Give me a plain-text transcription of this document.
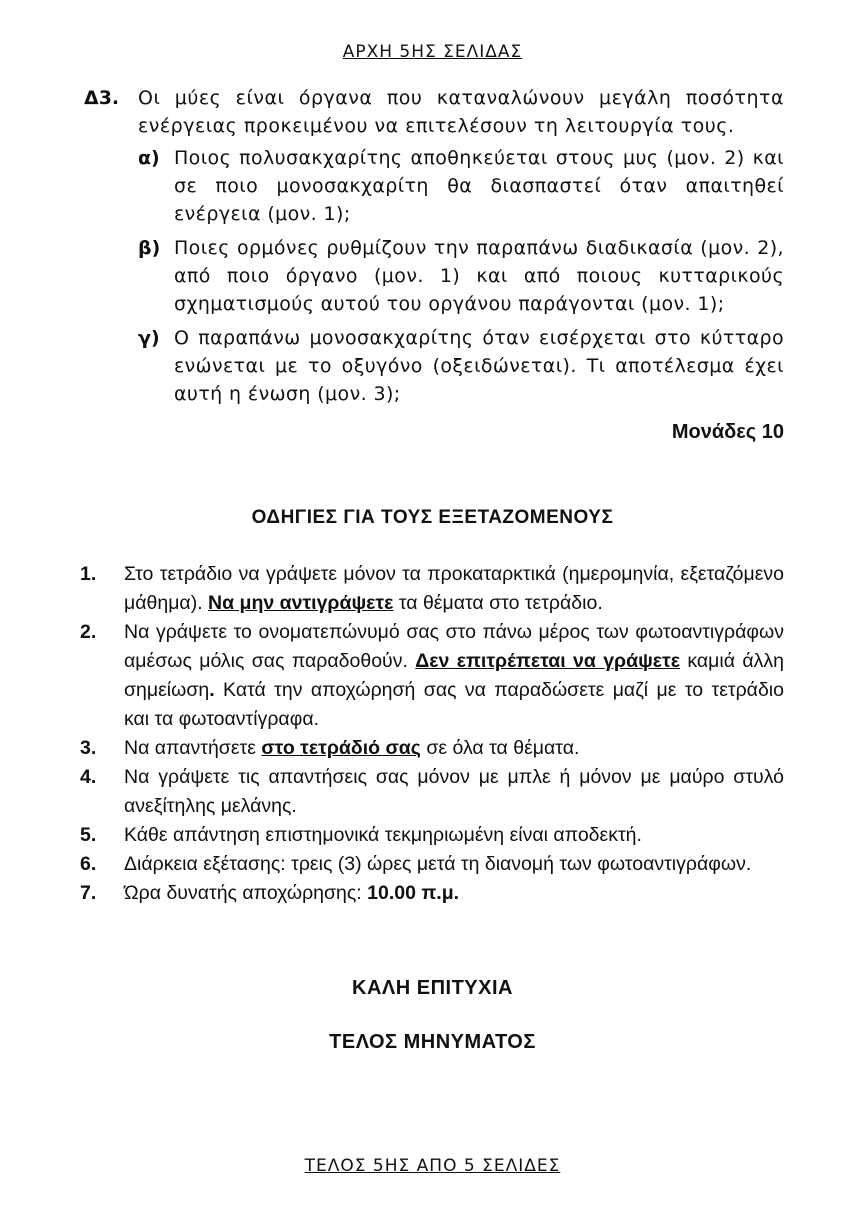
ΑΡΧΗ 5ΗΣ ΣΕΛΙΔΑΣ
Δ3. Οι μύες είναι όργανα που καταναλώνουν μεγάλη ποσότητα ενέργειας προκειμένου να επιτελέσουν τη λειτουργία τους.
α) Ποιος πολυσακχαρίτης αποθηκεύεται στους μυς (μον. 2) και σε ποιο μονοσακχαρίτη θα διασπαστεί όταν απαιτηθεί ενέργεια (μον. 1);
β) Ποιες ορμόνες ρυθμίζουν την παραπάνω διαδικασία (μον. 2), από ποιο όργανο (μον. 1) και από ποιους κυτταρικούς σχηματισμούς αυτού του οργάνου παράγονται (μον. 1);
γ) Ο παραπάνω μονοσακχαρίτης όταν εισέρχεται στο κύτταρο ενώνεται με το οξυγόνο (οξειδώνεται). Τι αποτέλεσμα έχει αυτή η ένωση (μον. 3);
Μονάδες 10
ΟΔΗΓΙΕΣ ΓΙΑ ΤΟΥΣ ΕΞΕΤΑΖΟΜΕΝΟΥΣ
1.	Στο τετράδιο να γράψετε μόνον τα προκαταρκτικά (ημερομηνία, εξεταζόμενο μάθημα). Να μην αντιγράψετε τα θέματα στο τετράδιο.
2.	Να γράψετε το ονοματεπώνυμό σας στο πάνω μέρος των φωτοαντιγράφων αμέσως μόλις σας παραδοθούν. Δεν επιτρέπεται να γράψετε καμιά άλλη σημείωση. Κατά την αποχώρησή σας να παραδώσετε μαζί με το τετράδιο και τα φωτοαντίγραφα.
3.	Να απαντήσετε στο τετράδιό σας σε όλα τα θέματα.
4.	Να γράψετε τις απαντήσεις σας μόνον με μπλε ή μόνον με μαύρο στυλό ανεξίτηλης μελάνης.
5.	Κάθε απάντηση επιστημονικά τεκμηριωμένη είναι αποδεκτή.
6.	Διάρκεια εξέτασης: τρεις (3) ώρες μετά τη διανομή των φωτοαντιγράφων.
7.	Ώρα δυνατής αποχώρησης: 10.00 π.μ.
ΚΑΛΗ ΕΠΙΤΥΧΙΑ
ΤΕΛΟΣ ΜΗΝΥΜΑΤΟΣ
ΤΕΛΟΣ 5ΗΣ ΑΠΟ 5 ΣΕΛΙΔΕΣ
